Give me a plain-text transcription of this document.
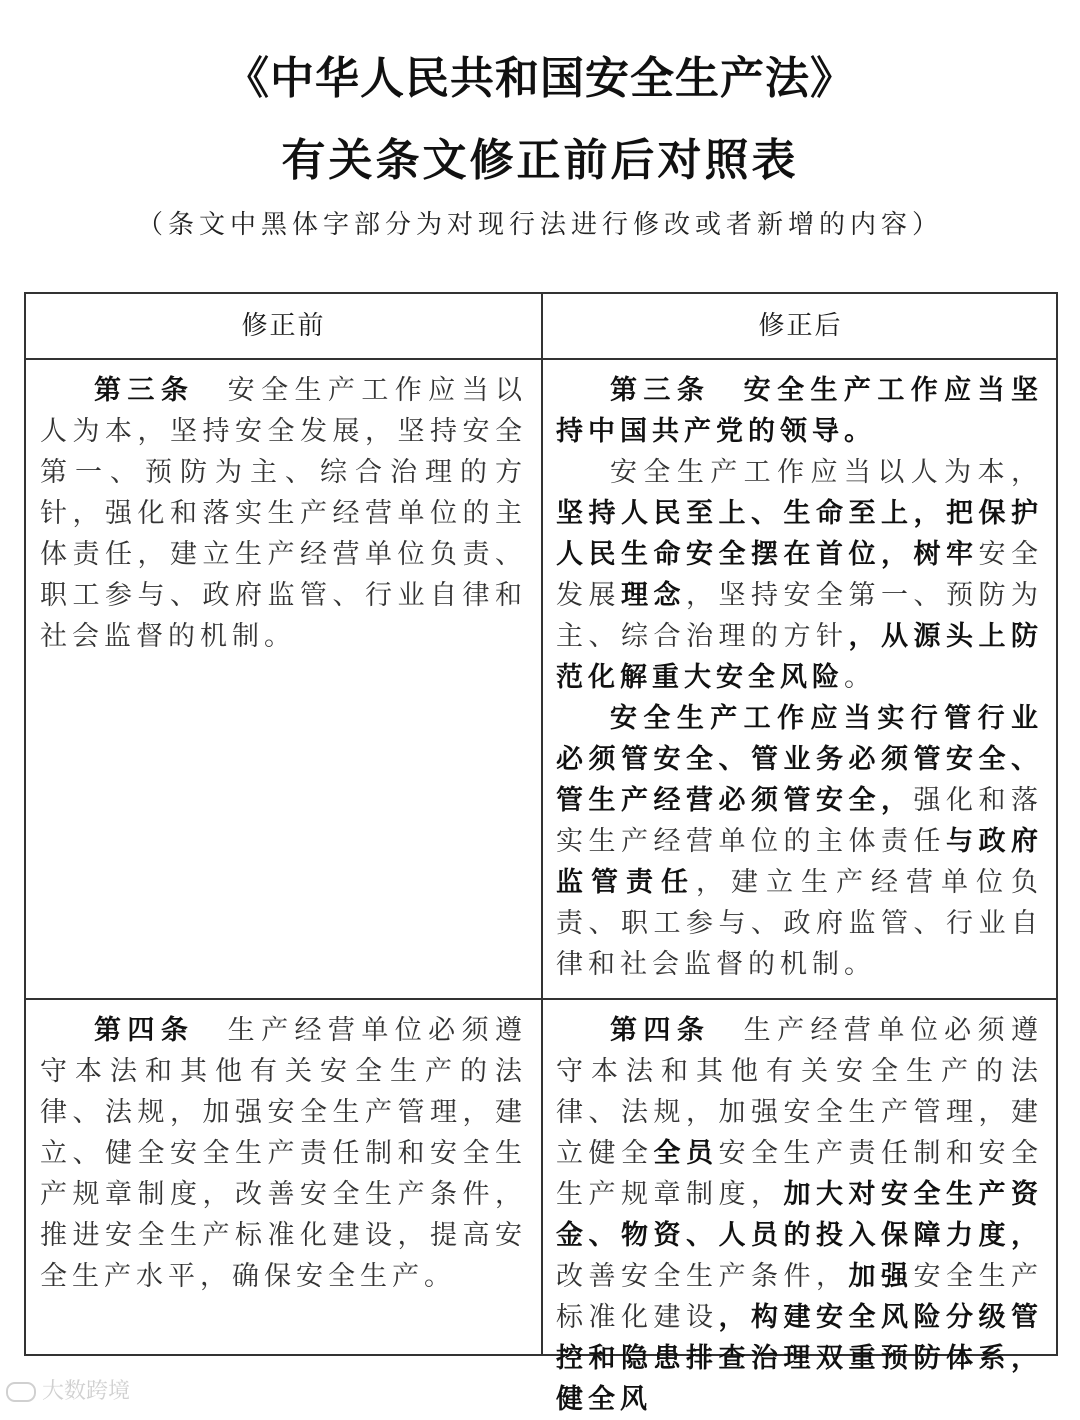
《中华人民共和国安全生产法》
有关条文修正前后对照表
（条文中黑体字部分为对现行法进行修改或者新增的内容）
修正前	修正后

第三条　安全生产工作应当以人为本，坚持安全发展，坚持安全第一、预防为主、综合治理的方针，强化和落实生产经营单位的主体责任，建立生产经营单位负责、职工参与、政府监管、行业自律和社会监督的机制。

第三条　安全生产工作应当坚持中国共产党的领导。

安全生产工作应当以人为本，坚持人民至上、生命至上，把保护人民生命安全摆在首位，树牢安全发展理念，坚持安全第一、预防为主、综合治理的方针，从源头上防范化解重大安全风险。

安全生产工作应当实行管行业必须管安全、管业务必须管安全、管生产经营必须管安全，强化和落实生产经营单位的主体责任与政府监管责任，建立生产经营单位负责、职工参与、政府监管、行业自律和社会监督的机制。

第四条　生产经营单位必须遵守本法和其他有关安全生产的法律、法规，加强安全生产管理，建立、健全安全生产责任制和安全生产规章制度，改善安全生产条件，推进安全生产标准化建设，提高安全生产水平，确保安全生产。

第四条　生产经营单位必须遵守本法和其他有关安全生产的法律、法规，加强安全生产管理，建立健全全员安全生产责任制和安全生产规章制度，加大对安全生产资金、物资、人员的投入保障力度，改善安全生产条件，加强安全生产标准化建设，构建安全风险分级管控和隐患排查治理双重预防体系，健全风

大数跨境
